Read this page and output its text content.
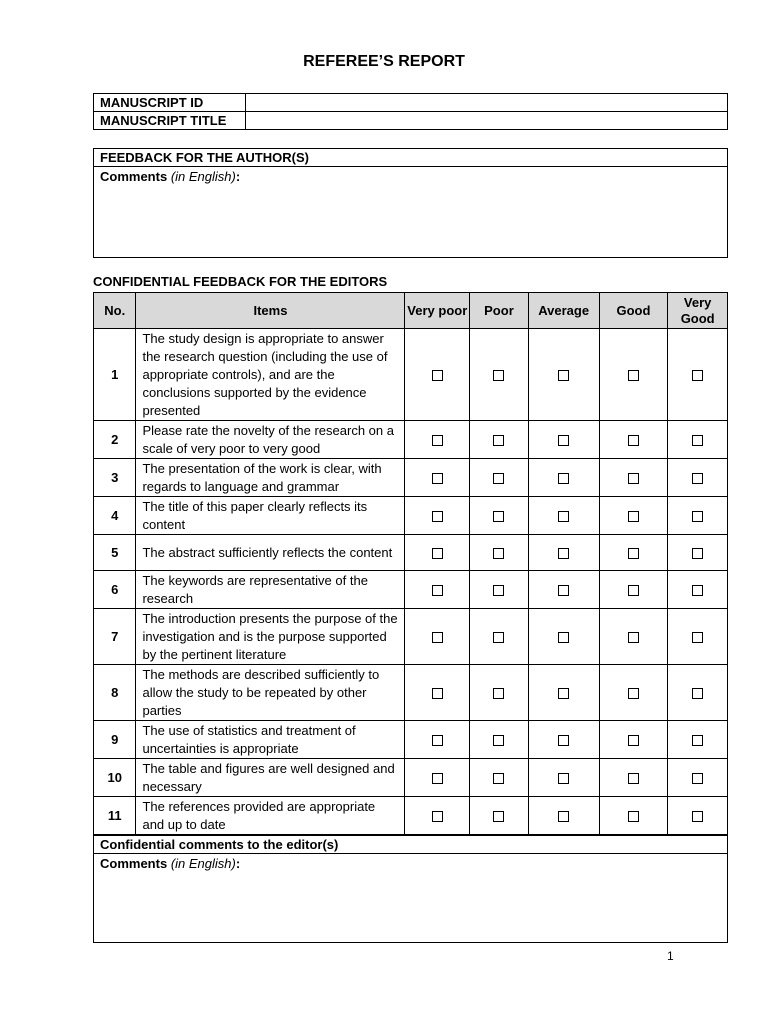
REFEREE’S REPORT
MANUSCRIPT ID	
MANUSCRIPT TITLE	
FEEDBACK FOR THE AUTHOR(S)
Comments (in English):
CONFIDENTIAL FEEDBACK FOR THE EDITORS
No.	Items	Very poor	Poor	Average	Good	Very Good
1	The study design is appropriate to answer the research question (including the use of appropriate controls), and are the conclusions supported by the evidence presented					
2	Please rate the novelty of the research on a scale of very poor to very good					
3	The presentation of the work is clear, with regards to language and grammar					
4	The title of this paper clearly reflects its content					
5	The abstract sufficiently reflects the content					
6	The keywords are representative of the research					
7	The introduction presents the purpose of the investigation and is the purpose supported by the pertinent literature					
8	The methods are described sufficiently to allow the study to be repeated by other parties					
9	The use of statistics and treatment of uncertainties is appropriate					
10	The table and figures are well designed and necessary					
11	The references provided are appropriate and up to date					
Confidential comments to the editor(s)
Comments (in English):
1
